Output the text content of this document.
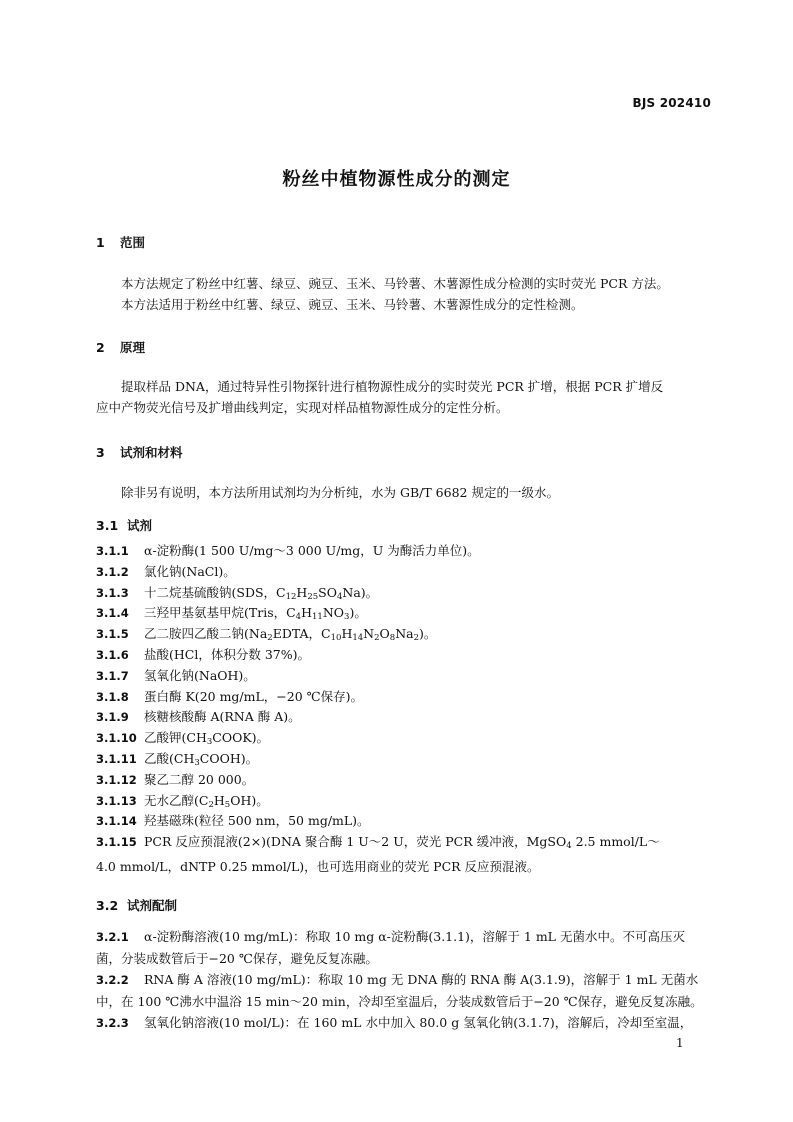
BJS 202410
粉丝中植物源性成分的测定
1 范围
本方法规定了粉丝中红薯、绿豆、豌豆、玉米、马铃薯、木薯源性成分检测的实时荧光 PCR 方法。
本方法适用于粉丝中红薯、绿豆、豌豆、玉米、马铃薯、木薯源性成分的定性检测。
2 原理
提取样品 DNA，通过特异性引物探针进行植物源性成分的实时荧光 PCR 扩增，根据 PCR 扩增反
应中产物荧光信号及扩增曲线判定，实现对样品植物源性成分的定性分析。
3 试剂和材料
除非另有说明，本方法所用试剂均为分析纯，水为 GB/T 6682 规定的一级水。
3.1 试剂
3.1.1 α-淀粉酶(1 500 U/mg～3 000 U/mg，U 为酶活力单位)。
3.1.2 氯化钠(NaCl)。
3.1.3 十二烷基硫酸钠(SDS，$C_{12}H_{25}SO_4Na$)。
3.1.4 三羟甲基氨基甲烷(Tris，$C_4H_{11}NO_3$)。
3.1.5 乙二胺四乙酸二钠($Na_2EDTA$，$C_{10}H_{14}N_2O_8Na_2$)。
3.1.6 盐酸(HCl，体积分数 37%)。
3.1.7 氢氧化钠(NaOH)。
3.1.8 蛋白酶 K(20 mg/mL，−20 ℃保存)。
3.1.9 核糖核酸酶 A(RNA 酶 A)。
3.1.10 乙酸钾$(CH_3COOK)$。
3.1.11 乙酸$(CH_3COOH)$。
3.1.12 聚乙二醇 20 000。
3.1.13 无水乙醇$(C_2H_5OH)$。
3.1.14 羟基磁珠(粒径 500 nm，50 mg/mL)。
3.1.15 PCR 反应预混液(2×)(DNA 聚合酶 1 U～2 U，荧光 PCR 缓冲液，MgSO$_4$ 2.5 mmol/L～
4.0 mmol/L，dNTP 0.25 mmol/L)，也可选用商业的荧光 PCR 反应预混液。
3.2 试剂配制
3.2.1 α-淀粉酶溶液(10 mg/mL)：称取 10 mg α-淀粉酶(3.1.1)，溶解于 1 mL 无菌水中。不可高压灭
菌，分装成数管后于−20 ℃保存，避免反复冻融。
3.2.2 RNA 酶 A 溶液(10 mg/mL)：称取 10 mg 无 DNA 酶的 RNA 酶 A(3.1.9)，溶解于 1 mL 无菌水
中，在 100 ℃沸水中温浴 15 min～20 min，冷却至室温后，分装成数管后于−20 ℃保存，避免反复冻融。
3.2.3 氢氧化钠溶液(10 mol/L)：在 160 mL 水中加入 80.0 g 氢氧化钠(3.1.7)，溶解后，冷却至室温，
1
